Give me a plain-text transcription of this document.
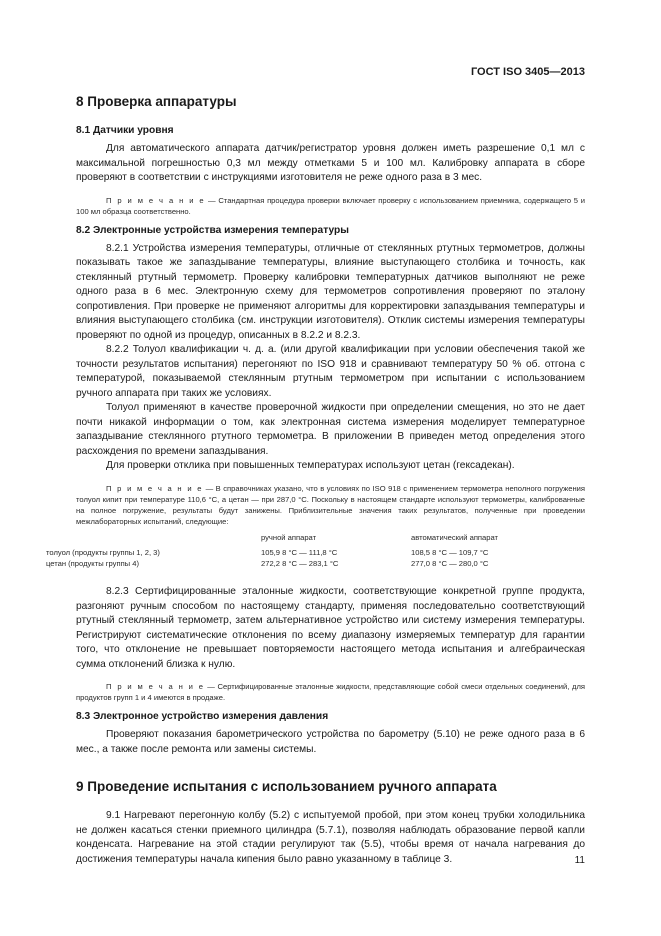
ГОСТ ISO 3405—2013
8 Проверка аппаратуры
8.1 Датчики уровня

Для автоматического аппарата датчик/регистратор уровня должен иметь разрешение 0,1 мл с максимальной погрешностью 0,3 мл между отметками 5 и 100 мл. Калибровку аппарата в сборе проверяют в соответствии с инструкциями изготовителя не реже одного раза в 3 мес.

П р и м е ч а н и е — Стандартная процедура проверки включает проверку с использованием приемника, содержащего 5 и 100 мл образца соответственно.
8.2 Электронные устройства измерения температуры

8.2.1 Устройства измерения температуры, отличные от стеклянных ртутных термометров, должны показывать такое же запаздывание температуры, влияние выступающего столбика и точность, как стеклянный ртутный термометр. Проверку калибровки температурных датчиков выполняют не реже одного раза в 6 мес. Электронную схему для термометров сопротивления проверяют по эталону сопротивления. При проверке не применяют алгоритмы для корректировки запаздывания температуры и влияния выступающего столбика (см. инструкции изготовителя). Отклик системы измерения температуры проверяют по одной из процедур, описанных в 8.2.2 и 8.2.3.

8.2.2 Толуол квалификации ч. д. а. (или другой квалификации при условии обеспечения такой же точности результатов испытания) перегоняют по ISO 918 и сравнивают температуру 50 % об. отгона с температурой, показываемой стеклянным ртутным термометром при испытании с использованием ручного аппарата при таких же условиях.

Толуол применяют в качестве проверочной жидкости при определении смещения, но это не дает почти никакой информации о том, как электронная система измерения моделирует температурное запаздывание стеклянного ртутного термометра. В приложении В приведен метод определения этого расхождения по времени запаздывания.

Для проверки отклика при повышенных температурах используют цетан (гексадекан).

П р и м е ч а н и е — В справочниках указано, что в условиях по ISO 918 с применением термометра неполного погружения толуол кипит при температуре 110,6 °С, а цетан — при 287,0 °С. Поскольку в настоящем стандарте используют термометры, калиброванные на полное погружение, результаты будут занижены. Приблизительные значения таких результатов, полученные при проведении межлабораторных испытаний, следующие:
	ручной аппарат	автоматический аппарат

толуол (продукты группы 1, 2, 3)	105,9 8 °С — 111,8 °С	108,5 8 °С — 109,7 °С
цетан (продукты группы 4)	272,2 8 °С — 283,1 °С	277,0 8 °С — 280,0 °С

8.2.3 Сертифицированные эталонные жидкости, соответствующие конкретной группе продукта, разгоняют ручным способом по настоящему стандарту, применяя последовательно соответствующий ртутный стеклянный термометр, затем альтернативное устройство или систему измерения температуры. Регистрируют систематические отклонения по всему диапазону измеряемых температур для гарантии того, что отклонение не превышает повторяемости настоящего метода испытания и алгебраическая сумма отклонений близка к нулю.

П р и м е ч а н и е — Сертифицированные эталонные жидкости, представляющие собой смеси отдельных соединений, для продуктов групп 1 и 4 имеются в продаже.
8.3 Электронное устройство измерения давления

Проверяют показания барометрического устройства по барометру (5.10) не реже одного раза в 6 мес., а также после ремонта или замены системы.

9 Проведение испытания с использованием ручного аппарата

9.1 Нагревают перегонную колбу (5.2) с испытуемой пробой, при этом конец трубки холодильника не должен касаться стенки приемного цилиндра (5.7.1), позволяя наблюдать образование первой капли конденсата. Нагревание на этой стадии регулируют так (5.5), чтобы время от начала нагревания до достижения температуры начала кипения было равно указанному в таблице 3.	11
